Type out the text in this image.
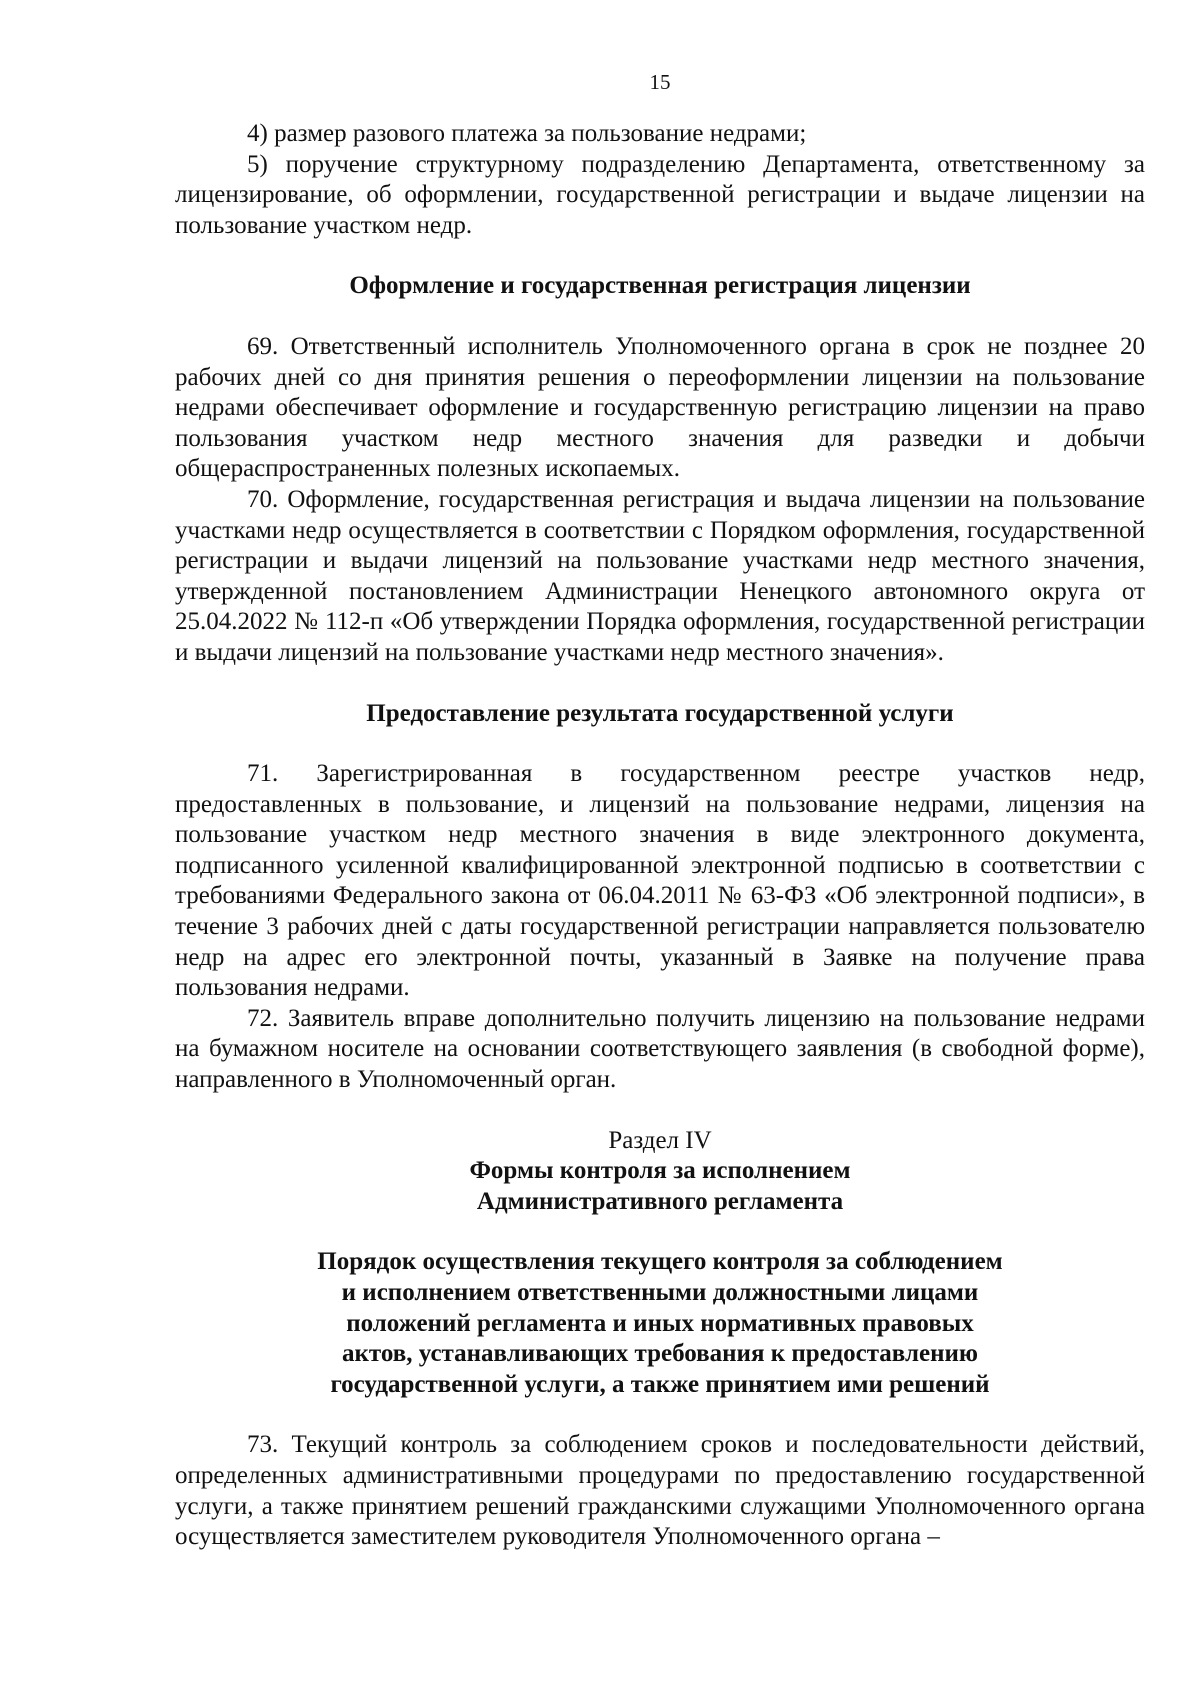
15

4) размер разового платежа за пользование недрами;

5) поручение структурному подразделению Департамента, ответственному за лицензирование, об оформлении, государственной регистрации и выдаче лицензии на пользование участком недр.

Оформление и государственная регистрация лицензии

69. Ответственный исполнитель Уполномоченного органа в срок не позднее 20 рабочих дней со дня принятия решения о переоформлении лицензии на пользование недрами обеспечивает оформление и государственную регистрацию лицензии на право пользования участком недр местного значения для разведки и добычи общераспространенных полезных ископаемых.

70. Оформление, государственная регистрация и выдача лицензии на пользование участками недр осуществляется в соответствии с Порядком оформления, государственной регистрации и выдачи лицензий на пользование участками недр местного значения, утвержденной постановлением Администрации Ненецкого автономного округа от 25.04.2022 № 112-п «Об утверждении Порядка оформления, государственной регистрации и выдачи лицензий на пользование участками недр местного значения».

Предоставление результата государственной услуги

71. Зарегистрированная в государственном реестре участков недр, предоставленных в пользование, и лицензий на пользование недрами, лицензия на пользование участком недр местного значения в виде электронного документа, подписанного усиленной квалифицированной электронной подписью в соответствии с требованиями Федерального закона от 06.04.2011 № 63-ФЗ «Об электронной подписи», в течение 3 рабочих дней с даты государственной регистрации направляется пользователю недр на адрес его электронной почты, указанный в Заявке на получение права пользования недрами.

72. Заявитель вправе дополнительно получить лицензию на пользование недрами на бумажном носителе на основании соответствующего заявления (в свободной форме), направленного в Уполномоченный орган.

Раздел IV

Формы контроля за исполнением

Административного регламента

Порядок осуществления текущего контроля за соблюдением

и исполнением ответственными должностными лицами

положений регламента и иных нормативных правовых

актов, устанавливающих требования к предоставлению

государственной услуги, а также принятием ими решений

73. Текущий контроль за соблюдением сроков и последовательности действий, определенных административными процедурами по предоставлению государственной услуги, а также принятием решений гражданскими служащими Уполномоченного органа осуществляется заместителем руководителя Уполномоченного органа –
